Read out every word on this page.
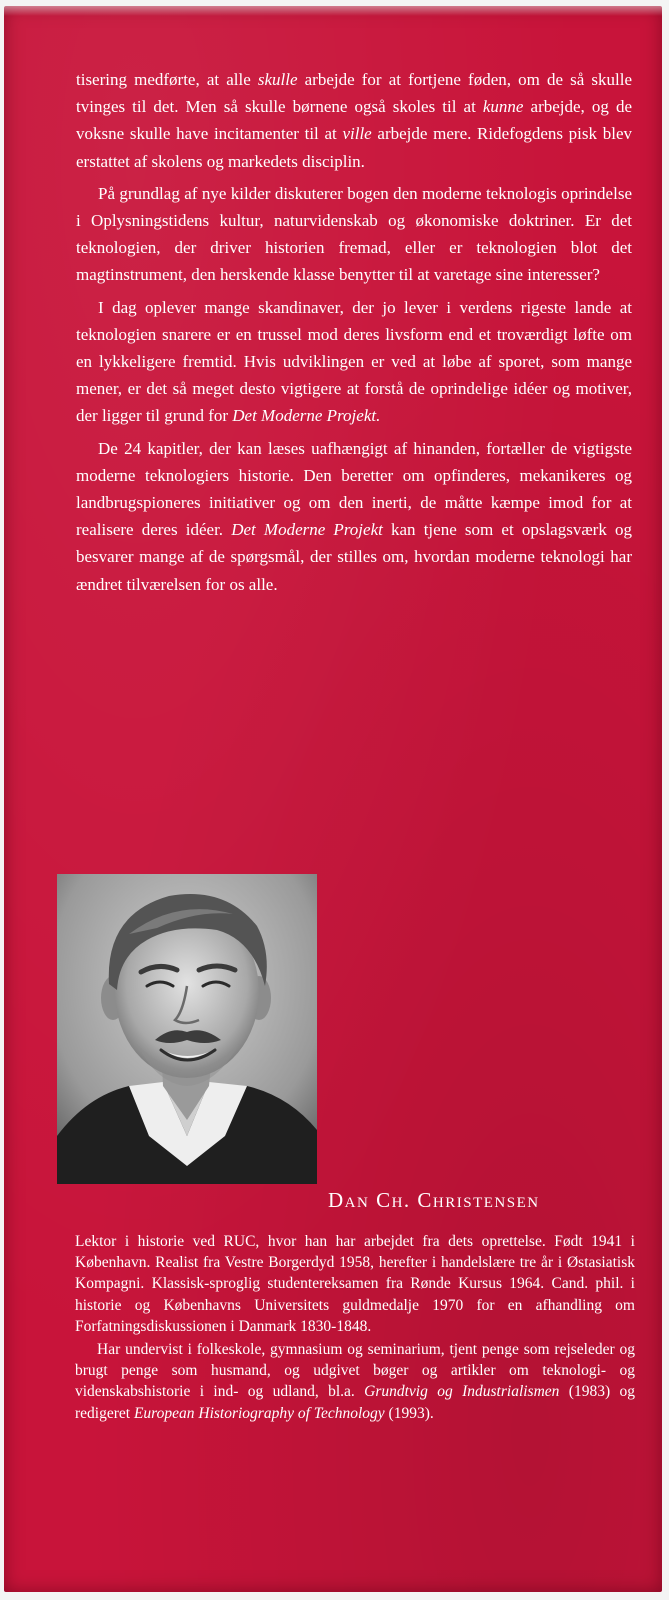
tisering medførte, at alle skulle arbejde for at fortjene føden, om de så skulle tvinges til det. Men så skulle børnene også skoles til at kunne arbejde, og de voksne skulle have incitamenter til at ville arbejde mere. Ridefogdens pisk blev erstattet af skolens og markedets disciplin.

På grundlag af nye kilder diskuterer bogen den moderne teknologis oprindelse i Oplysningstidens kultur, naturvidenskab og økonomiske doktriner. Er det teknologien, der driver historien fremad, eller er teknologien blot det magtinstrument, den herskende klasse benytter til at varetage sine interesser?

I dag oplever mange skandinaver, der jo lever i verdens rigeste lande at teknologien snarere er en trussel mod deres livsform end et troværdigt løfte om en lykkeligere fremtid. Hvis udviklingen er ved at løbe af sporet, som mange mener, er det så meget desto vigtigere at forstå de oprindelige idéer og motiver, der ligger til grund for Det Moderne Projekt.

De 24 kapitler, der kan læses uafhængigt af hinanden, fortæller de vigtigste moderne teknologiers historie. Den beretter om opfinderes, mekanikeres og landbrugspioneres initiativer og om den inerti, de måtte kæmpe imod for at realisere deres idéer. Det Moderne Projekt kan tjene som et opslagsværk og besvarer mange af de spørgsmål, der stilles om, hvordan moderne teknologi har ændret tilværelsen for os alle.

Dan Ch. Christensen

Lektor i historie ved RUC, hvor han har arbejdet fra dets oprettelse. Født 1941 i København. Realist fra Vestre Borgerdyd 1958, herefter i handelslære tre år i Østasiatisk Kompagni. Klassisk-sproglig studentereksamen fra Rønde Kursus 1964. Cand. phil. i historie og Københavns Universitets guldmedalje 1970 for en afhandling om Forfatningsdiskussionen i Danmark 1830-1848.

Har undervist i folkeskole, gymnasium og seminarium, tjent penge som rejseleder og brugt penge som husmand, og udgivet bøger og artikler om teknologi- og videnskabshistorie i ind- og udland, bl.a. Grundtvig og Industrialismen (1983) og redigeret European Historiography of Technology (1993).
